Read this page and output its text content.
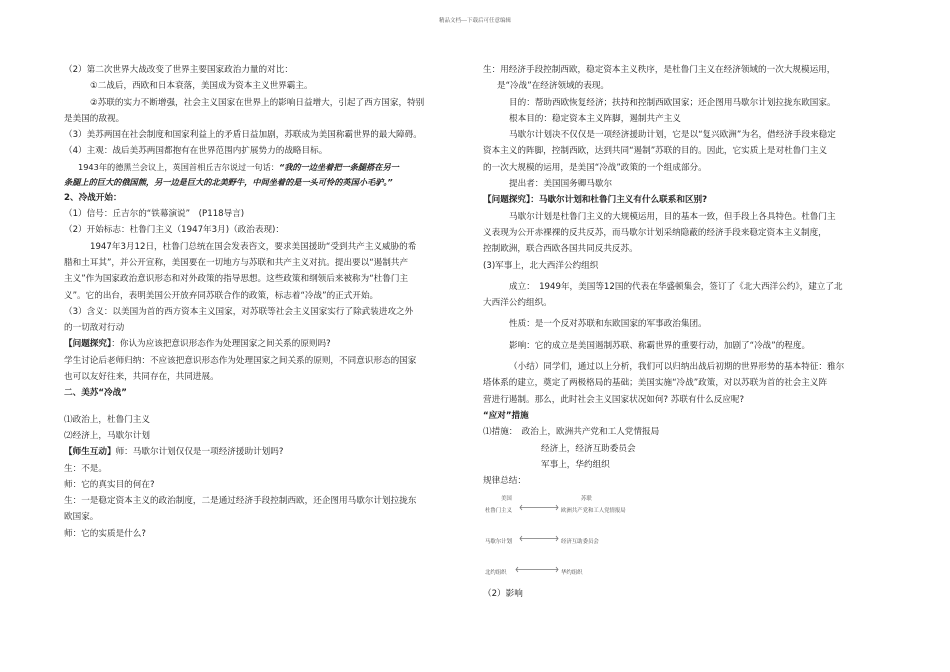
精品文档---下载后可任意编辑

（2）第二次世界大战改变了世界主要国家政治力量的对比：

①二战后，西欧和日本衰落，美国成为资本主义世界霸主。

②苏联的实力不断增强，社会主义国家在世界上的影响日益增大，引起了西方国家，特别

是美国的敌视。

（3）美苏两国在社会制度和国家利益上的矛盾日益加剧，苏联成为美国称霸世界的最大障碍。

（4）主观：战后美苏两国都抱有在世界范围内扩展势力的战略目标。

1943年的德黑兰会议上，英国首相丘吉尔说过一句话：“我的一边坐着把一条腿搭在另一

条腿上的巨大的俄国熊，另一边是巨大的北美野牛，中间坐着的是一头可怜的英国小毛驴。”

2、冷战开始：

（1）信号：丘吉尔的“铁幕演说”　(P118导言)

（2）开始标志：杜鲁门主义（1947年3月)（政治表现)：

1947年3月12日，杜鲁门总统在国会发表咨文，要求美国援助“受到共产主义威胁的希

腊和土耳其”，并公开宣称，美国要在一切地方与苏联和共产主义对抗。提出要以“遏制共产

主义”作为国家政治意识形态和对外政策的指导思想。这些政策和纲领后来被称为“杜鲁门主

义”。它的出台，表明美国公开放弃同苏联合作的政策，标志着“冷战”的正式开始。

（3）含义：以美国为首的西方资本主义国家，对苏联等社会主义国家实行了除武装进攻之外

的一切敌对行动

【问题探究】：你认为应该把意识形态作为处理国家之间关系的原则吗?

学生讨论后老师归纳：不应该把意识形态作为处理国家之间关系的原则，不同意识形态的国家

也可以友好往来，共同存在，共同进展。

二、美苏“冷战”

⑴政治上，杜鲁门主义

⑵经济上，马歇尔计划

【师生互动】师：马歇尔计划仅仅是一项经济援助计划吗?

生：不是。

师：它的真实目的何在?

生：一是稳定资本主义的政治制度，二是通过经济手段控制西欧，还企图用马歇尔计划拉拢东

欧国家。

师：它的实质是什么?

生：用经济手段控制西欧，稳定资本主义秩序，是杜鲁门主义在经济领域的一次大规模运用，

是“冷战”在经济领域的表现。

目的：帮助西欧恢复经济；扶持和控制西欧国家；还企图用马歇尔计划拉拢东欧国家。

根本目的：稳定资本主义阵脚，遏制共产主义

马歇尔计划决不仅仅是一项经济援助计划，它是以“复兴欧洲”为名，借经济手段来稳定

资本主义的阵脚，控制西欧，达到共同“遏制”苏联的目的。因此，它实质上是对杜鲁门主义

的一次大规模的运用，是美国“冷战”政策的一个组成部分。

提出者：美国国务卿马歇尔

【问题探究】：马歇尔计划和杜鲁门主义有什么联系和区别?

马歇尔计划是杜鲁门主义的大规模运用，目的基本一致，但手段上各具特色。杜鲁门主

义表现为公开赤裸裸的反共反苏，而马歇尔计划采纳隐蔽的经济手段来稳定资本主义制度，

控制欧洲，联合西欧各国共同反共反苏。

(3)军事上，北大西洋公约组织

成立：　1949年，美国等12国的代表在华盛顿集会，签订了《北大西洋公约》，建立了北

大西洋公约组织。

性质：是一个反对苏联和东欧国家的军事政治集团。

影响：它的成立是美国遏制苏联、称霸世界的重要行动，加剧了“冷战”的程度。

（小结）同学们，通过以上分析，我们可以归纳出战后初期的世界形势的基本特征：雅尔

塔体系的建立，奠定了两极格局的基础；美国实施“冷战”政策，对以苏联为首的社会主义阵

营进行遏制。那么，此时社会主义国家状况如何? 苏联有什么反应呢?

“应对”措施

⑴措施：　政治上，欧洲共产党和工人党情报局

经济上，经济互助委员会

军事上，华约组织

规律总结：

美国	苏联
杜鲁门主义	欧洲共产党和工人党情报局
马歇尔计划	经济互助委员会
北约组织	华约组织

（2）影响
